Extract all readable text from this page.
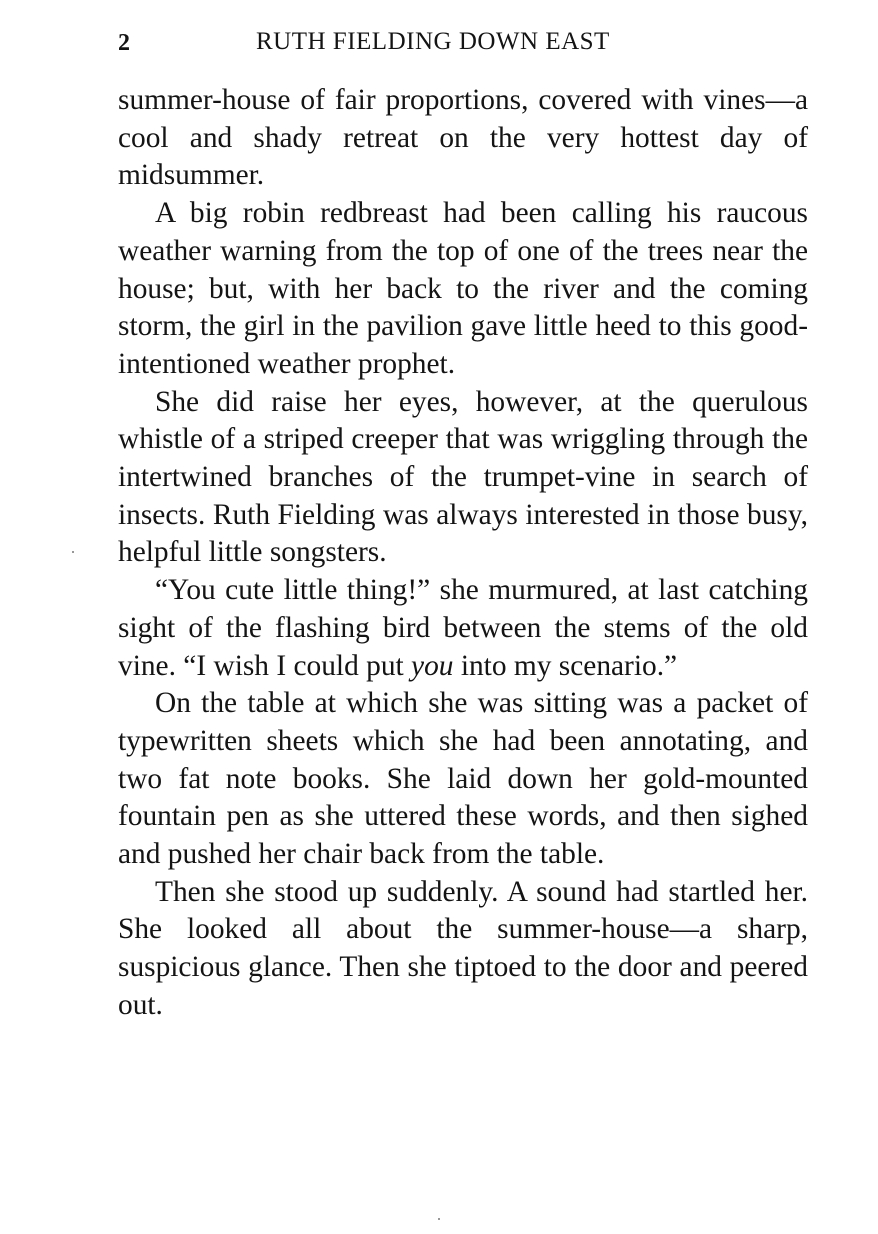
2	RUTH FIELDING DOWN EAST

summer-house of fair proportions, covered with vines—a cool and shady retreat on the very hottest day of midsummer.

A big robin redbreast had been calling his raucous weather warning from the top of one of the trees near the house; but, with her back to the river and the coming storm, the girl in the pavilion gave little heed to this good-intentioned weather prophet.

She did raise her eyes, however, at the querulous whistle of a striped creeper that was wriggling through the intertwined branches of the trumpet-vine in search of insects. Ruth Fielding was always interested in those busy, helpful little songsters.

“You cute little thing!” she murmured, at last catching sight of the flashing bird between the stems of the old vine. “I wish I could put you into my scenario.”

On the table at which she was sitting was a packet of typewritten sheets which she had been annotating, and two fat note books. She laid down her gold-mounted fountain pen as she uttered these words, and then sighed and pushed her chair back from the table.

Then she stood up suddenly. A sound had startled her. She looked all about the summer-house—a sharp, suspicious glance. Then she tiptoed to the door and peered out.
